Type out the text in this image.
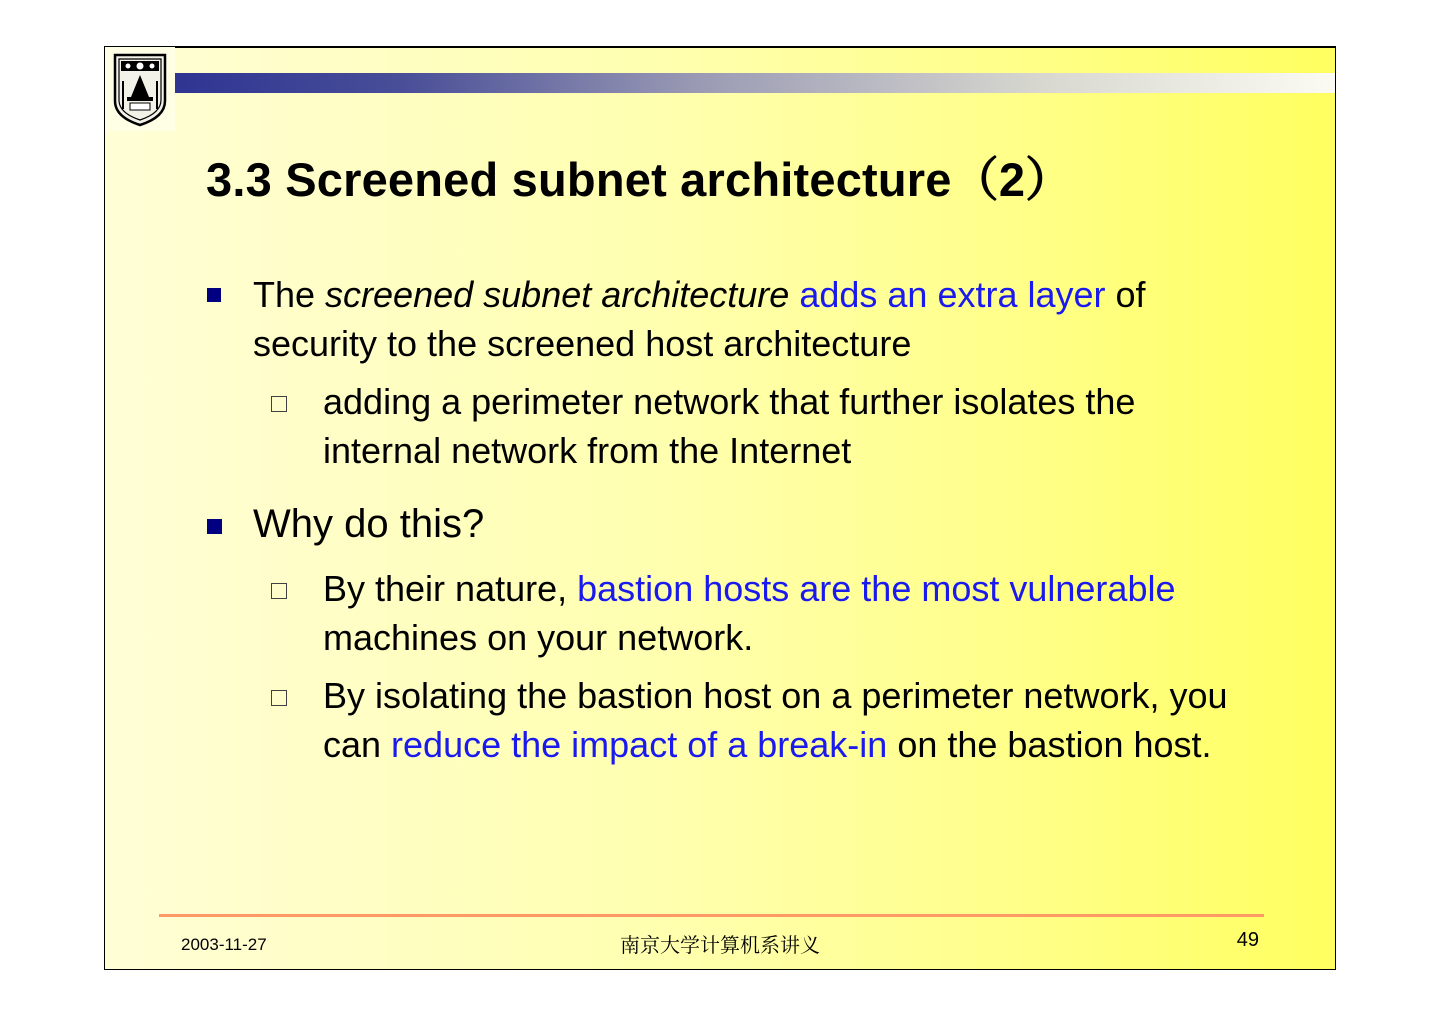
3.3 Screened subnet architecture（2）
The screened subnet architecture adds an extra layer of security to the screened host architecture
adding a perimeter network that further isolates the internal network from the Internet
Why do this?
By their nature, bastion hosts are the most vulnerable machines on your network.
By isolating the bastion host on a perimeter network, you can reduce the impact of a break-in on the bastion host.
2003-11-27	南京大学计算机系讲义	49
